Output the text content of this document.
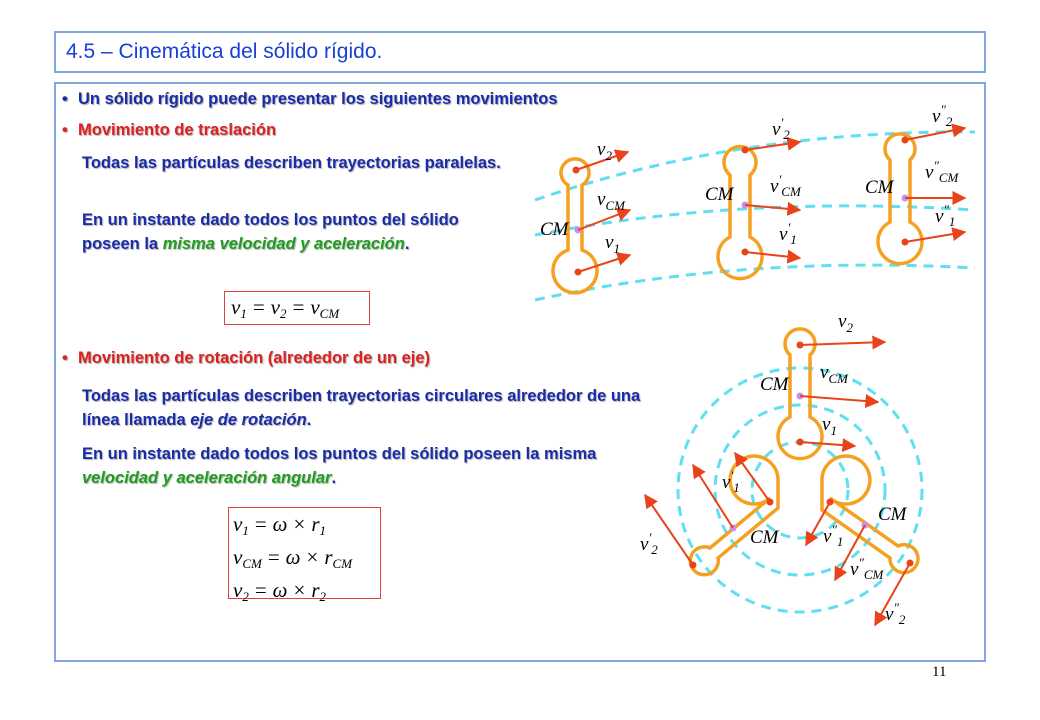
4.5 – Cinemática del sólido rígido.
• Un sólido rígido puede presentar los siguientes movimientos
• Movimiento de traslación
Todas las partículas describen trayectorias paralelas.
En un instante dado todos los puntos del sólido poseen la misma velocidad y aceleración.
$v_1 = v_2 = v_{CM}$
• Movimiento de rotación (alrededor de un eje)
Todas las partículas describen trayectorias circulares alrededor de una línea llamada eje de rotación.
En un instante dado todos los puntos del sólido poseen la misma velocidad y aceleración angular.
$v_1 = \omega \times r_1$
$v_{CM} = \omega \times r_{CM}$
$v_2 = \omega \times r_2$
CM
$v_2$
$v_{CM}$
$v_1$
CM
$v'_2$
$v'_{CM}$
$v'_1$
CM
$v''_2$
$v''_{CM}$
$v''_1$
$v_2$
$v_{CM}$
CM
$v_1$
$v'_1$
$v'_2$
CM
CM
$v''_1$
$v''_{CM}$
$v''_2$
11
